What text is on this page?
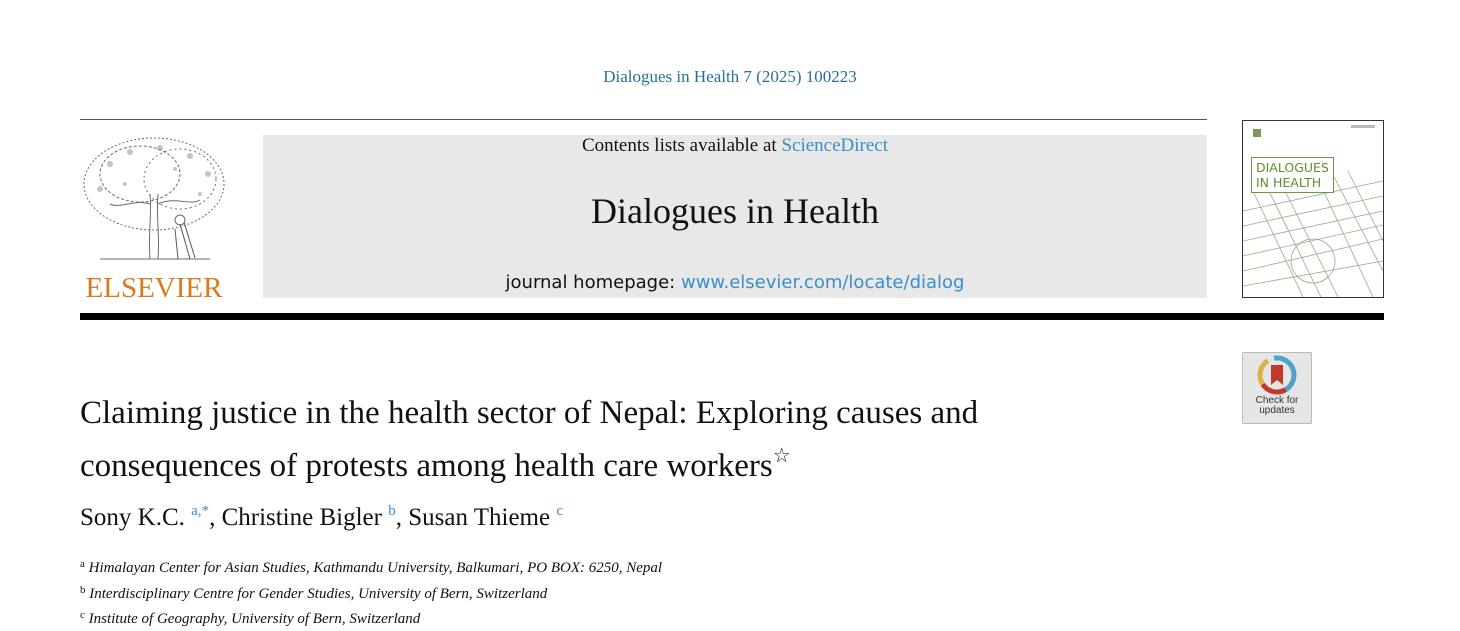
Dialogues in Health 7 (2025) 100223
ELSEVIER
Contents lists available at ScienceDirect
Dialogues in Health
journal homepage: www.elsevier.com/locate/dialog
DIALOGUES
IN HEALTH
Check for
updates
Claiming justice in the health sector of Nepal: Exploring causes and
consequences of protests among health care workers☆
Sony K.C. $^{a,*}$, Christine Bigler $^b$, Susan Thieme $^c$
$^a$ Himalayan Center for Asian Studies, Kathmandu University, Balkumari, PO BOX: 6250, Nepal
$^b$ Interdisciplinary Centre for Gender Studies, University of Bern, Switzerland
$^c$ Institute of Geography, University of Bern, Switzerland
